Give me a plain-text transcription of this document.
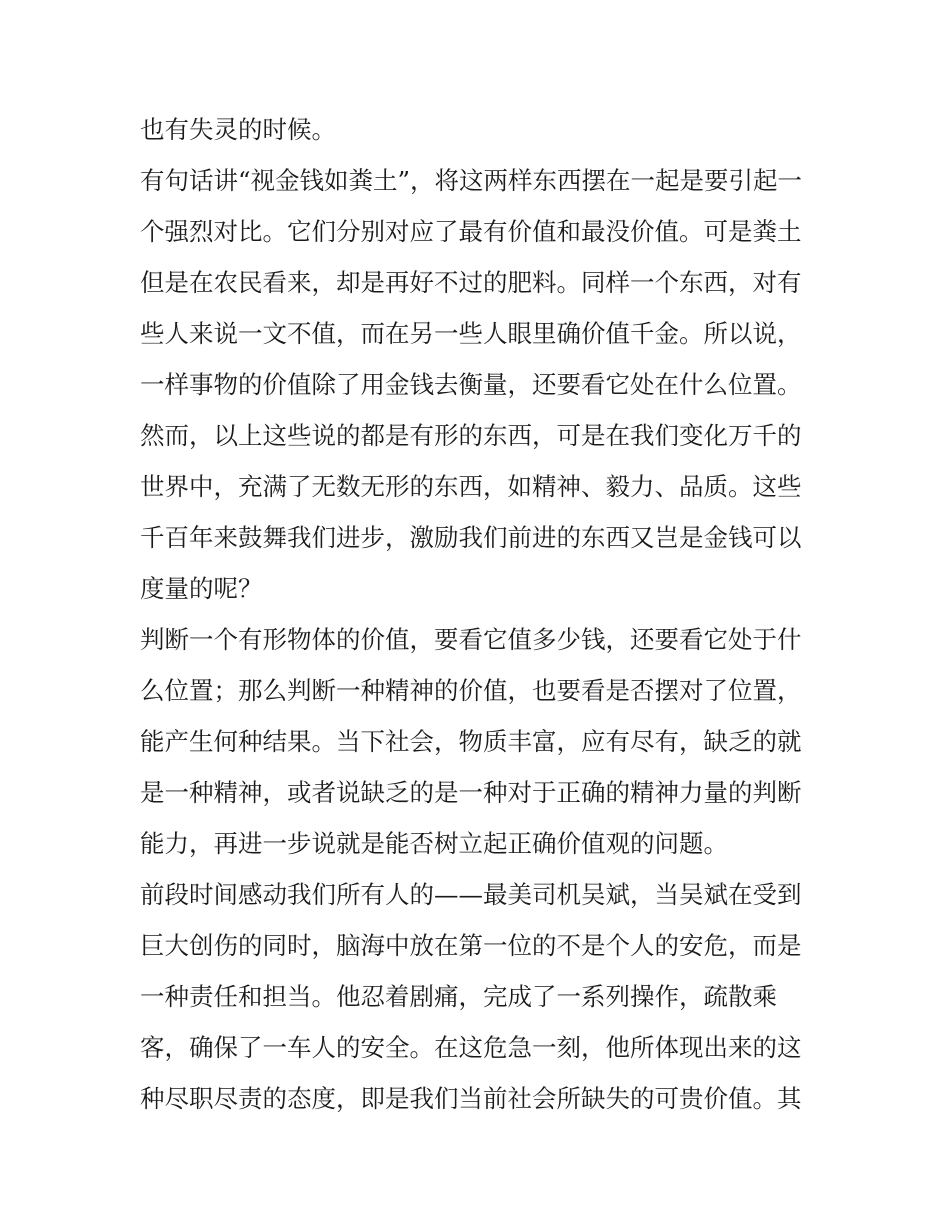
也有失灵的时候。
有句话讲“视金钱如粪土”，将这两样东西摆在一起是要引起一
个强烈对比。它们分别对应了最有价值和最没价值。可是粪土
但是在农民看来，却是再好不过的肥料。同样一个东西，对有
些人来说一文不值，而在另一些人眼里确价值千金。所以说，
一样事物的价值除了用金钱去衡量，还要看它处在什么位置。
然而，以上这些说的都是有形的东西，可是在我们变化万千的
世界中，充满了无数无形的东西，如精神、毅力、品质。这些
千百年来鼓舞我们进步，激励我们前进的东西又岂是金钱可以
度量的呢？
判断一个有形物体的价值，要看它值多少钱，还要看它处于什
么位置；那么判断一种精神的价值，也要看是否摆对了位置，
能产生何种结果。当下社会，物质丰富，应有尽有，缺乏的就
是一种精神，或者说缺乏的是一种对于正确的精神力量的判断
能力，再进一步说就是能否树立起正确价值观的问题。
前段时间感动我们所有人的——最美司机吴斌，当吴斌在受到
巨大创伤的同时，脑海中放在第一位的不是个人的安危，而是
一种责任和担当。他忍着剧痛，完成了一系列操作，疏散乘
客，确保了一车人的安全。在这危急一刻，他所体现出来的这
种尽职尽责的态度，即是我们当前社会所缺失的可贵价值。其
